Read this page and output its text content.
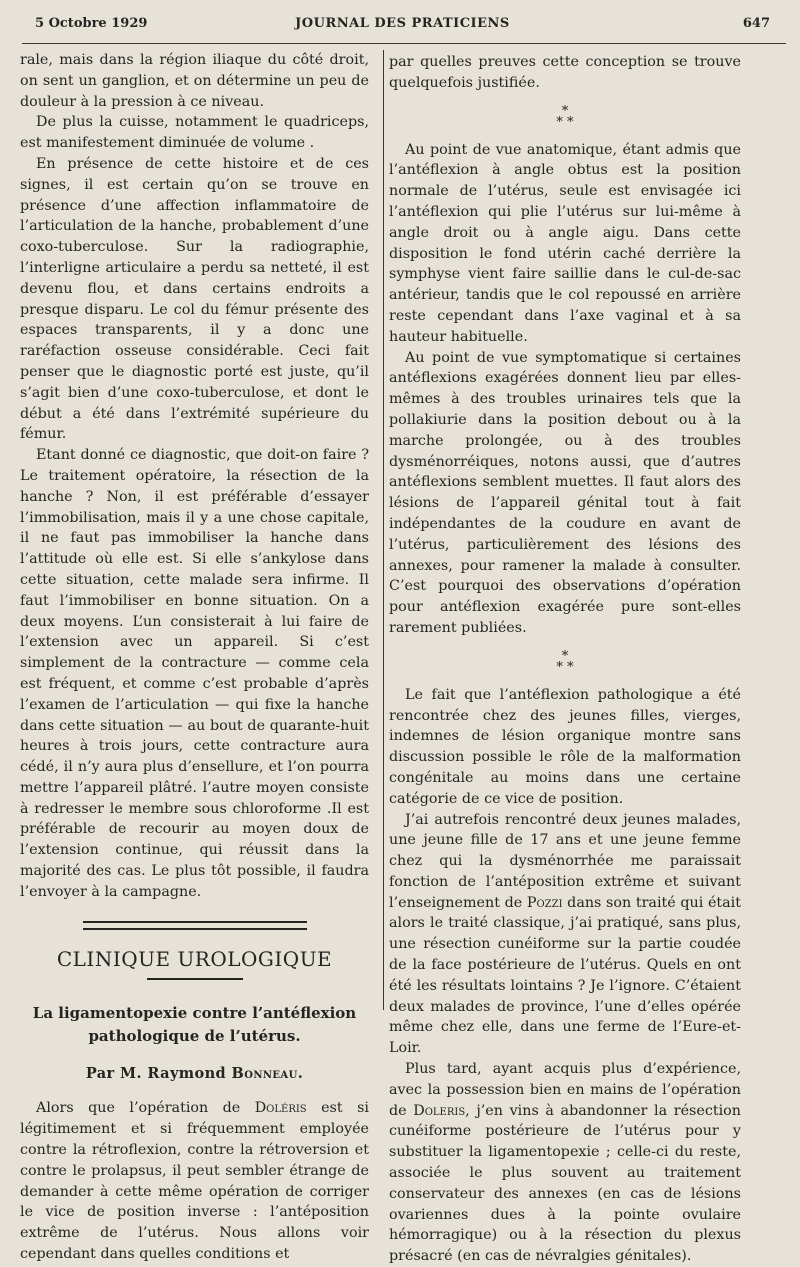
5 Octobre 1929	JOURNAL DES PRATICIENS	647

rale, mais dans la région iliaque du côté droit, on sent un ganglion, et on détermine un peu de douleur à la pression à ce niveau.

De plus la cuisse, notamment le quadriceps, est manifestement diminuée de volume .

En présence de cette histoire et de ces signes, il est certain qu’on se trouve en présence d’une affection inflammatoire de l’articulation de la hanche, probablement d’une coxo-tuberculose. Sur la radiographie, l’interligne articulaire a perdu sa netteté, il est devenu flou, et dans certains endroits a presque disparu. Le col du fémur présente des espaces transparents, il y a donc une raréfaction osseuse considérable. Ceci fait penser que le diagnostic porté est juste, qu’il s’agit bien d’une coxo-tuberculose, et dont le début a été dans l’extrémité supérieure du fémur.

Etant donné ce diagnostic, que doit-on faire ? Le traitement opératoire, la résection de la hanche ? Non, il est préférable d’essayer l’immobilisation, mais il y a une chose capitale, il ne faut pas immobiliser la hanche dans l’attitude où elle est. Si elle s’ankylose dans cette situation, cette malade sera infirme. Il faut l’immobiliser en bonne situation. On a deux moyens. L’un consisterait à lui faire de l’extension avec un appareil. Si c’est simplement de la contracture — comme cela est fréquent, et comme c’est probable d’après l’examen de l’articulation — qui fixe la hanche dans cette situation — au bout de quarante-huit heures à trois jours, cette contracture aura cédé, il n’y aura plus d’ensellure, et l’on pourra mettre l’appareil plâtré. l’autre moyen consiste à redresser le membre sous chloroforme .Il est préférable de recourir au moyen doux de l’extension continue, qui réussit dans la majorité des cas. Le plus tôt possible, il faudra l’envoyer à la campagne.

CLINIQUE UROLOGIQUE
La ligamentopexie contre l’antéflexion pathologique de l’utérus.
Par M. Raymond Bonneau.

Alors que l’opération de Doléris est si légitimement et si fréquemment employée contre la rétroflexion, contre la rétroversion et contre le prolapsus, il peut sembler étrange de demander à cette même opération de corriger le vice de position inverse : l’antéposition extrême de l’utérus. Nous allons voir cependant dans quelles conditions et

par quelles preuves cette conception se trouve quelquefois justifiée.

*
* *

Au point de vue anatomique, étant admis que l’antéflexion à angle obtus est la position normale de l’utérus, seule est envisagée ici l’antéflexion qui plie l’utérus sur lui-même à angle droit ou à angle aigu. Dans cette disposition le fond utérin caché derrière la symphyse vient faire saillie dans le cul-de-sac antérieur, tandis que le col repoussé en arrière reste cependant dans l’axe vaginal et à sa hauteur habituelle.

Au point de vue symptomatique si certaines antéflexions exagérées donnent lieu par elles-mêmes à des troubles urinaires tels que la pollakiurie dans la position debout ou à la marche prolongée, ou à des troubles dysménorréiques, notons aussi, que d’autres antéflexions semblent muettes. Il faut alors des lésions de l’appareil génital tout à fait indépendantes de la coudure en avant de l’utérus, particulièrement des lésions des annexes, pour ramener la malade à consulter. C’est pourquoi des observations d’opération pour antéflexion exagérée pure sont-elles rarement publiées.

*
* *

Le fait que l’antéflexion pathologique a été rencontrée chez des jeunes filles, vierges, indemnes de lésion organique montre sans discussion possible le rôle de la malformation congénitale au moins dans une certaine catégorie de ce vice de position.

J’ai autrefois rencontré deux jeunes malades, une jeune fille de 17 ans et une jeune femme chez qui la dysménorrhée me paraissait fonction de l’antéposition extrême et suivant l’enseignement de Pozzi dans son traité qui était alors le traité classique, j’ai pratiqué, sans plus, une résection cunéiforme sur la partie coudée de la face postérieure de l’utérus. Quels en ont été les résultats lointains ? Je l’ignore. C’étaient deux malades de province, l’une d’elles opérée même chez elle, dans une ferme de l’Eure-et-Loir.

Plus tard, ayant acquis plus d’expérience, avec la possession bien en mains de l’opération de Doleris, j’en vins à abandonner la résection cunéiforme postérieure de l’utérus pour y substituer la ligamentopexie ; celle-ci du reste, associée le plus souvent au traitement conservateur des annexes (en cas de lésions ovariennes dues à la pointe ovulaire hémorragique) ou à la résection du plexus présacré (en cas de névralgies génitales).
